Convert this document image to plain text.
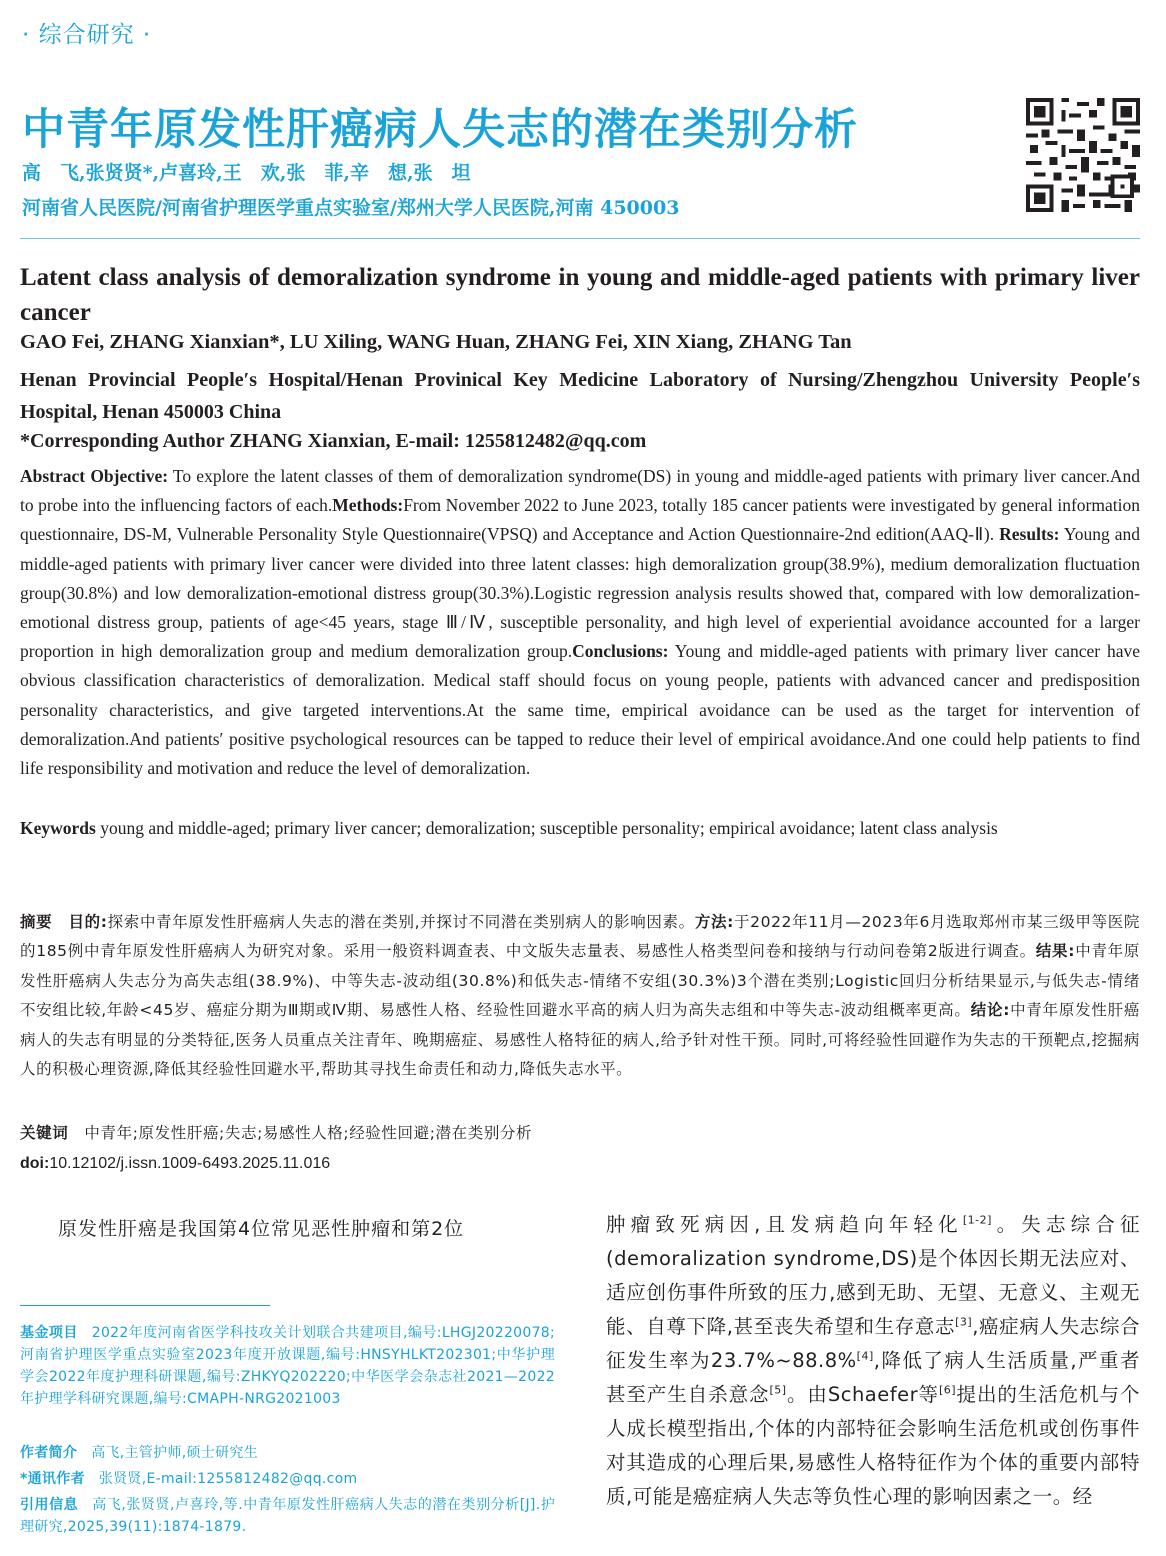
· 综合研究 ·
中青年原发性肝癌病人失志的潜在类别分析
高　飞,张贤贤*,卢喜玲,王　欢,张　菲,辛　想,张　坦
河南省人民医院/河南省护理医学重点实验室/郑州大学人民医院,河南 450003
Latent class analysis of demoralization syndrome in young and middle-aged patients with primary liver cancer
GAO Fei, ZHANG Xianxian*, LU Xiling, WANG Huan, ZHANG Fei, XIN Xiang, ZHANG Tan
Henan Provincial People′s Hospital/Henan Provinical Key Medicine Laboratory of Nursing/Zhengzhou University People′s Hospital, Henan 450003 China
*Corresponding Author ZHANG Xianxian, E-mail: 1255812482@qq.com
Abstract Objective: To explore the latent classes of them of demoralization syndrome(DS) in young and middle-aged patients with primary liver cancer.And to probe into the influencing factors of each.Methods:From November 2022 to June 2023, totally 185 cancer patients were investigated by general information questionnaire, DS-M, Vulnerable Personality Style Questionnaire(VPSQ) and Acceptance and Action Questionnaire-2nd edition(AAQ-Ⅱ). Results: Young and middle-aged patients with primary liver cancer were divided into three latent classes: high demoralization group(38.9%), medium demoralization fluctuation group(30.8%) and low demoralization-emotional distress group(30.3%).Logistic regression analysis results showed that, compared with low demoralization-emotional distress group, patients of age<45 years, stage Ⅲ/Ⅳ, susceptible personality, and high level of experiential avoidance accounted for a larger proportion in high demoralization group and medium demoralization group.Conclusions: Young and middle-aged patients with primary liver cancer have obvious classification characteristics of demoralization. Medical staff should focus on young people, patients with advanced cancer and predisposition personality characteristics, and give targeted interventions.At the same time, empirical avoidance can be used as the target for intervention of demoralization.And patients′ positive psychological resources can be tapped to reduce their level of empirical avoidance.And one could help patients to find life responsibility and motivation and reduce the level of demoralization.
Keywords young and middle-aged; primary liver cancer; demoralization; susceptible personality; empirical avoidance; latent class analysis
摘要　 目的:探索中青年原发性肝癌病人失志的潜在类别,并探讨不同潜在类别病人的影响因素。方法:于2022年11月—2023年6月选取郑州市某三级甲等医院的185例中青年原发性肝癌病人为研究对象。采用一般资料调查表、中文版失志量表、易感性人格类型问卷和接纳与行动问卷第2版进行调查。结果:中青年原发性肝癌病人失志分为高失志组(38.9%)、中等失志-波动组(30.8%)和低失志-情绪不安组(30.3%)3个潜在类别;Logistic回归分析结果显示,与低失志-情绪不安组比较,年龄<45岁、癌症分期为Ⅲ期或Ⅳ期、易感性人格、经验性回避水平高的病人归为高失志组和中等失志-波动组概率更高。结论:中青年原发性肝癌病人的失志有明显的分类特征,医务人员重点关注青年、晚期癌症、易感性人格特征的病人,给予针对性干预。同时,可将经验性回避作为失志的干预靶点,挖掘病人的积极心理资源,降低其经验性回避水平,帮助其寻找生命责任和动力,降低失志水平。
关键词　 中青年;原发性肝癌;失志;易感性人格;经验性回避;潜在类别分析
doi:10.12102/j.issn.1009-6493.2025.11.016
原发性肝癌是我国第4位常见恶性肿瘤和第2位
基金项目 2022年度河南省医学科技攻关计划联合共建项目,编号:LHGJ20220078;河南省护理医学重点实验室2023年度开放课题,编号:HNSYHLKT202301;中华护理学会2022年度护理科研课题,编号:ZHKYQ202220;中华医学会杂志社2021—2022年护理学科研究课题,编号:CMAPH-NRG2021003
作者简介 高飞,主管护师,硕士研究生
*通讯作者 张贤贤,E-mail:1255812482@qq.com
引用信息 高飞,张贤贤,卢喜玲,等.中青年原发性肝癌病人失志的潜在类别分析[J].护理研究,2025,39(11):1874-1879.
肿瘤致死病因,且发病趋向年轻化[1-2]。失志综合征(demoralization syndrome,DS)是个体因长期无法应对、适应创伤事件所致的压力,感到无助、无望、无意义、主观无能、自尊下降,甚至丧失希望和生存意志[3],癌症病人失志综合征发生率为23.7%~88.8%[4],降低了病人生活质量,严重者甚至产生自杀意念[5]。由Schaefer等[6]提出的生活危机与个人成长模型指出,个体的内部特征会影响生活危机或创伤事件对其造成的心理后果,易感性人格特征作为个体的重要内部特质,可能是癌症病人失志等负性心理的影响因素之一。经
